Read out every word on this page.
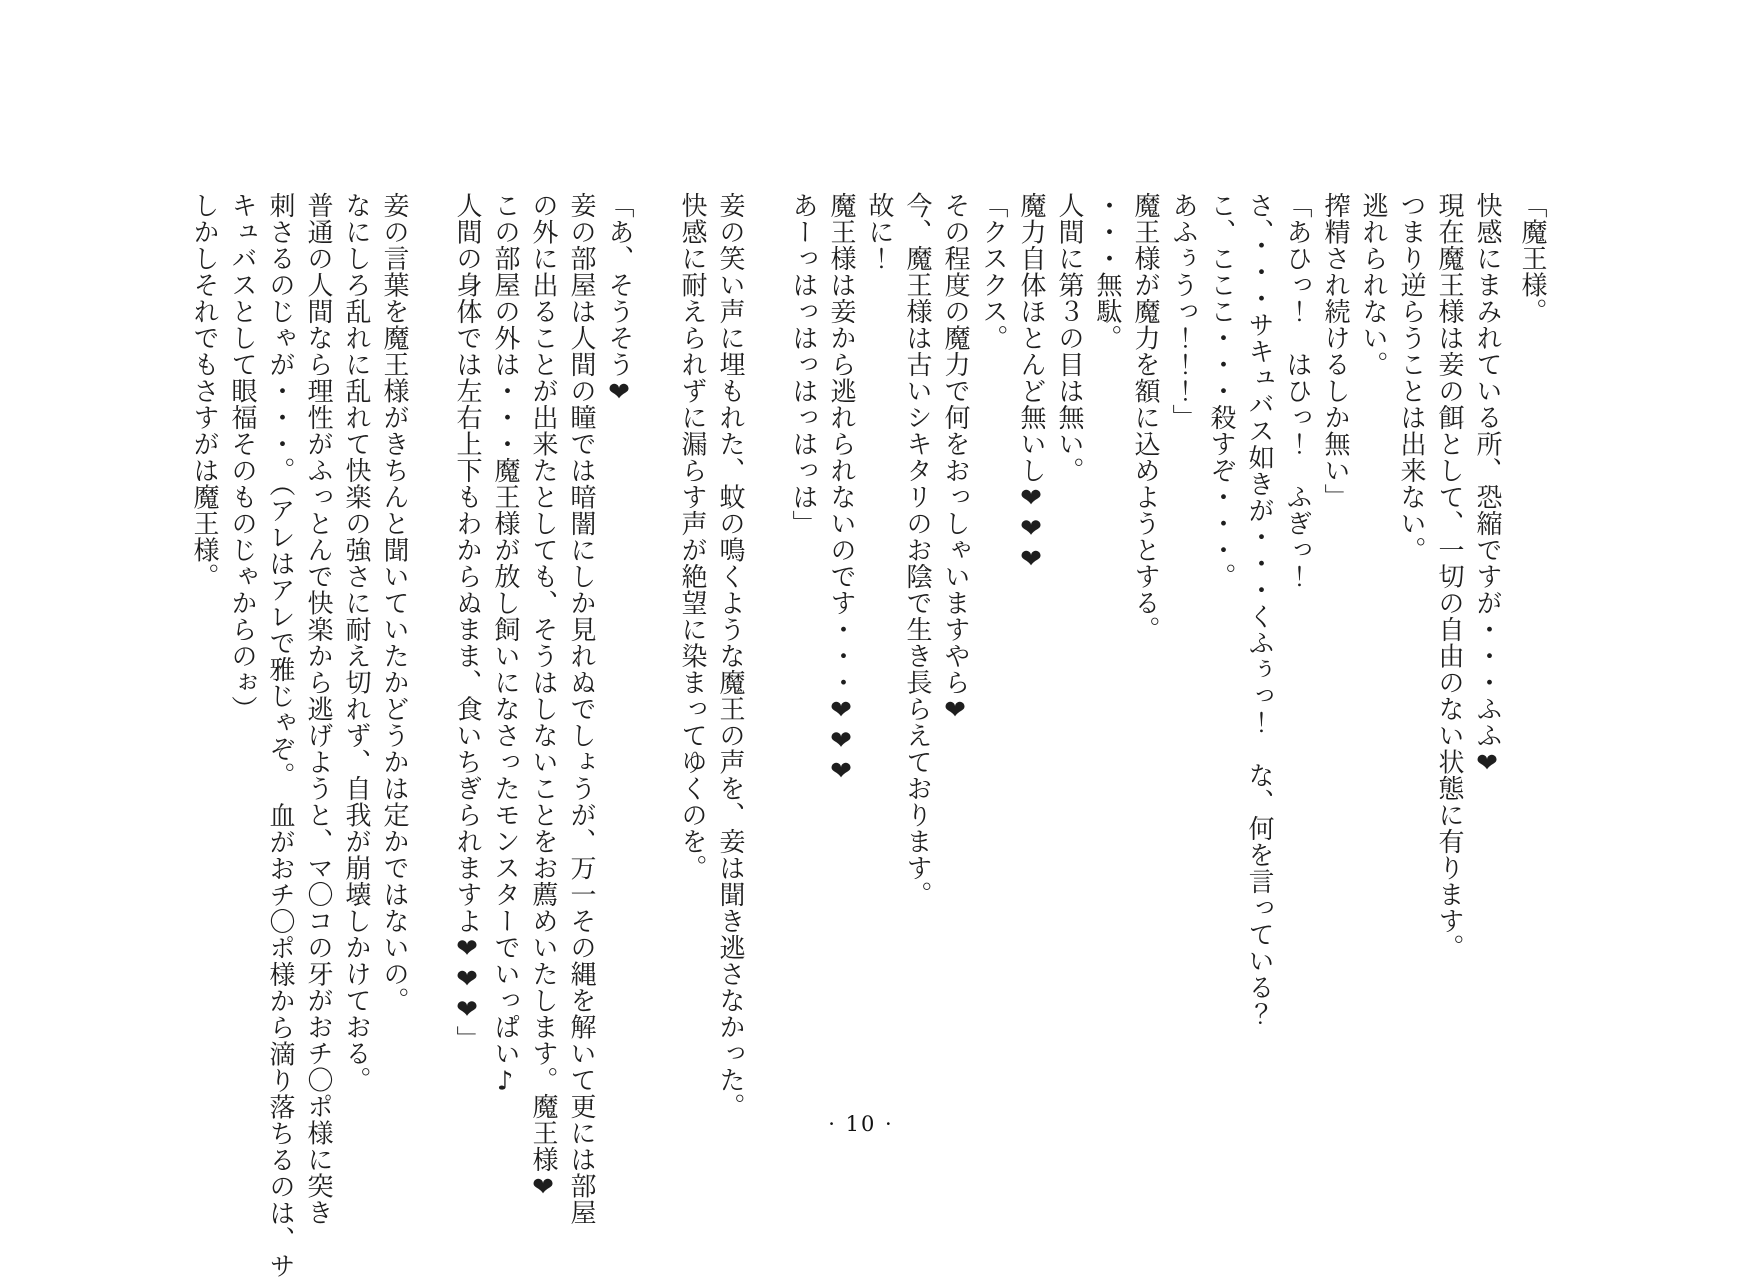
「魔王様。

快感にまみれている所、恐縮ですが・・・ふふ❤

現在魔王様は妾の餌として、一切の自由のない状態に有ります。

つまり逆らうことは出来ない。

逃れられない。

搾精され続けるしか無い」

「あひっ！　はひっ！　ふぎっ！

さ、・・・サキュバス如きが・・・くふぅっ！　な、何を言っている？

こ、こここ・・・殺すぞ・・・。

あふぅうっ！！！」

魔王様が魔力を額に込めようとする。

・・・無駄。

人間に第３の目は無い。

魔力自体ほとんど無いし❤❤❤

「クスクス。

その程度の魔力で何をおっしゃいますやら❤

今、魔王様は古いシキタリのお陰で生き長らえております。

故に！

魔王様は妾から逃れられないのです・・・❤❤❤

あーっはっはっはっはっは」

妾の笑い声に埋もれた、蚊の鳴くような魔王の声を、妾は聞き逃さなかった。

快感に耐えられずに漏らす声が絶望に染まってゆくのを。

「あ、そうそう❤

妾の部屋は人間の瞳では暗闇にしか見れぬでしょうが、万一その縄を解いて更には部屋

の外に出ることが出来たとしても、そうはしないことをお薦めいたします。魔王様❤

この部屋の外は・・・魔王様が放し飼いになさったモンスターでいっぱい♪

人間の身体では左右上下もわからぬまま、食いちぎられますよ❤❤❤」

妾の言葉を魔王様がきちんと聞いていたかどうかは定かではないの。

なにしろ乱れに乱れて快楽の強さに耐え切れず、自我が崩壊しかけておる。

普通の人間なら理性がふっとんで快楽から逃げようと、マ〇コの牙がおチ〇ポ様に突き

刺さるのじゃが・・・。（アレはアレで雅じゃぞ。　血がおチ〇ポ様から滴り落ちるのは、サ

キュバスとして眼福そのものじゃからのぉ）

しかしそれでもさすがは魔王様。

· 10 ·
